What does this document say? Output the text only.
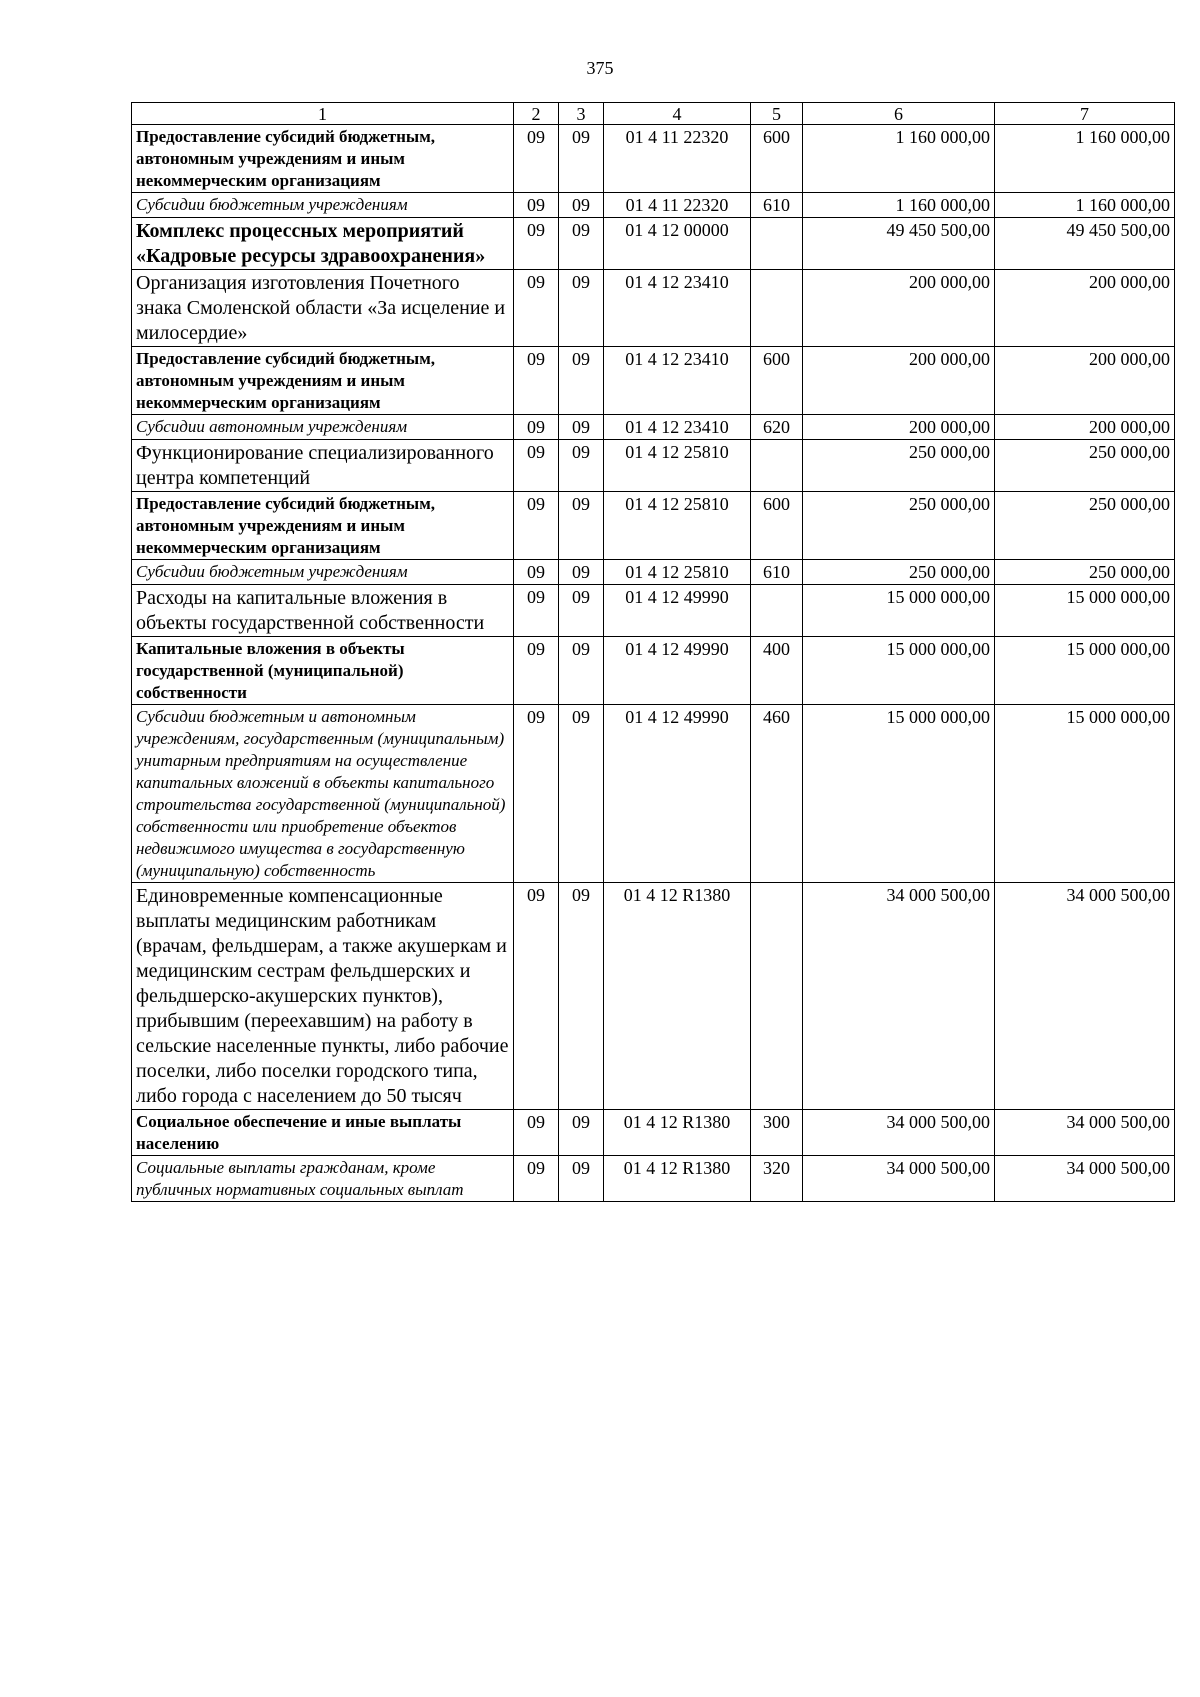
375
1	2	3	4	5	6	7
Предоставление субсидий бюджетным, автономным учреждениям и иным некоммерческим организациям	09	09	01 4 11 22320	600	1 160 000,00	1 160 000,00
Субсидии бюджетным учреждениям	09	09	01 4 11 22320	610	1 160 000,00	1 160 000,00
Комплекс процессных мероприятий «Кадровые ресурсы здравоохранения»	09	09	01 4 12 00000		49 450 500,00	49 450 500,00
Организация изготовления Почетного знака Смоленской области «За исцеление и милосердие»	09	09	01 4 12 23410		200 000,00	200 000,00
Предоставление субсидий бюджетным, автономным учреждениям и иным некоммерческим организациям	09	09	01 4 12 23410	600	200 000,00	200 000,00
Субсидии автономным учреждениям	09	09	01 4 12 23410	620	200 000,00	200 000,00
Функционирование специализированного центра компетенций	09	09	01 4 12 25810		250 000,00	250 000,00
Предоставление субсидий бюджетным, автономным учреждениям и иным некоммерческим организациям	09	09	01 4 12 25810	600	250 000,00	250 000,00
Субсидии бюджетным учреждениям	09	09	01 4 12 25810	610	250 000,00	250 000,00
Расходы на капитальные вложения в объекты государственной собственности	09	09	01 4 12 49990		15 000 000,00	15 000 000,00
Капитальные вложения в объекты государственной (муниципальной) собственности	09	09	01 4 12 49990	400	15 000 000,00	15 000 000,00
Субсидии бюджетным и автономным учреждениям, государственным (муниципальным) унитарным предприятиям на осуществление капитальных вложений в объекты капитального строительства государственной (муниципальной) собственности или приобретение объектов недвижимого имущества в государственную (муниципальную) собственность	09	09	01 4 12 49990	460	15 000 000,00	15 000 000,00
Единовременные компенсационные выплаты медицинским работникам (врачам, фельдшерам, а также акушеркам и медицинским сестрам фельдшерских и фельдшерско-акушерских пунктов), прибывшим (переехавшим) на работу в сельские населенные пункты, либо рабочие поселки, либо поселки городского типа, либо города с населением до 50 тысяч	09	09	01 4 12 R1380		34 000 500,00	34 000 500,00
Социальное обеспечение и иные выплаты населению	09	09	01 4 12 R1380	300	34 000 500,00	34 000 500,00
Социальные выплаты гражданам, кроме публичных нормативных социальных выплат	09	09	01 4 12 R1380	320	34 000 500,00	34 000 500,00
